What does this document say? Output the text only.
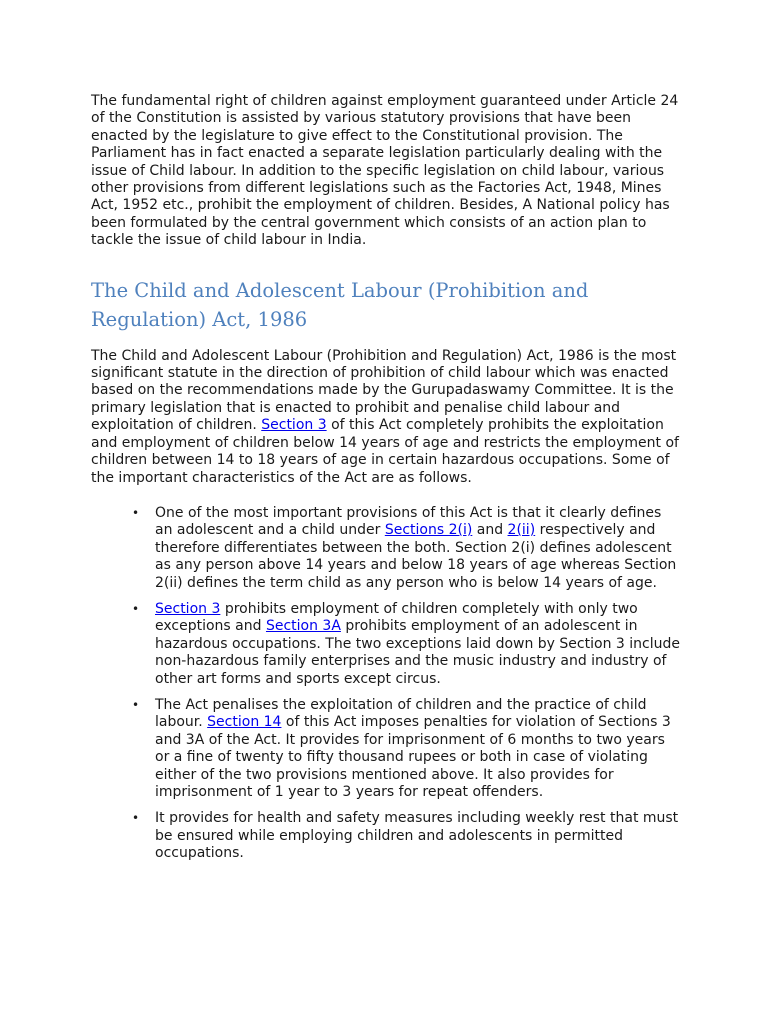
The fundamental right of children against employment guaranteed under Article 24 of the Constitution is assisted by various statutory provisions that have been enacted by the legislature to give effect to the Constitutional provision. The Parliament has in fact enacted a separate legislation particularly dealing with the issue of Child labour. In addition to the specific legislation on child labour, various other provisions from different legislations such as the Factories Act, 1948, Mines Act, 1952 etc., prohibit the employment of children. Besides, A National policy has been formulated by the central government which consists of an action plan to tackle the issue of child labour in India.

The Child and Adolescent Labour (Prohibition and Regulation) Act, 1986

The Child and Adolescent Labour (Prohibition and Regulation) Act, 1986 is the most significant statute in the direction of prohibition of child labour which was enacted based on the recommendations made by the Gurupadaswamy Committee. It is the primary legislation that is enacted to prohibit and penalise child labour and exploitation of children. Section 3 of this Act completely prohibits the exploitation and employment of children below 14 years of age and restricts the employment of children between 14 to 18 years of age in certain hazardous occupations. Some of the important characteristics of the Act are as follows.

• One of the most important provisions of this Act is that it clearly defines an adolescent and a child under Sections 2(i) and 2(ii) respectively and therefore differentiates between the both. Section 2(i) defines adolescent as any person above 14 years and below 18 years of age whereas Section 2(ii) defines the term child as any person who is below 14 years of age.
• Section 3 prohibits employment of children completely with only two exceptions and Section 3A prohibits employment of an adolescent in hazardous occupations. The two exceptions laid down by Section 3 include non-hazardous family enterprises and the music industry and industry of other art forms and sports except circus.
• The Act penalises the exploitation of children and the practice of child labour. Section 14 of this Act imposes penalties for violation of Sections 3 and 3A of the Act. It provides for imprisonment of 6 months to two years or a fine of twenty to fifty thousand rupees or both in case of violating either of the two provisions mentioned above. It also provides for imprisonment of 1 year to 3 years for repeat offenders.
• It provides for health and safety measures including weekly rest that must be ensured while employing children and adolescents in permitted occupations.
